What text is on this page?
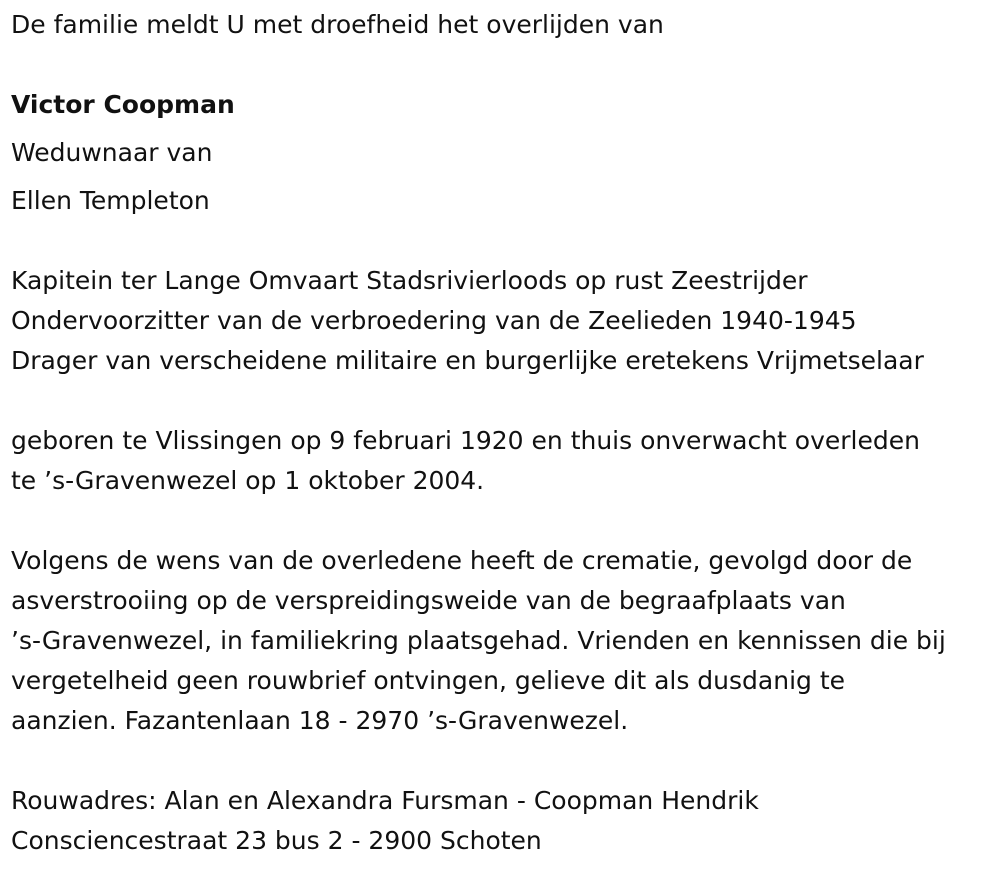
De familie meldt U met droefheid het overlijden van
Victor Coopman
Weduwnaar van
Ellen Templeton
Kapitein ter Lange Omvaart Stadsrivierloods op rust Zeestrijder
Ondervoorzitter van de verbroedering van de Zeelieden 1940-1945
Drager van verscheidene militaire en burgerlijke eretekens Vrijmetselaar
geboren te Vlissingen op 9 februari 1920 en thuis onverwacht overleden
te ’s-Gravenwezel op 1 oktober 2004.
Volgens de wens van de overledene heeft de crematie, gevolgd door de
asverstrooiing op de verspreidingsweide van de begraafplaats van
’s-Gravenwezel, in familiekring plaatsgehad. Vrienden en kennissen die bij
vergetelheid geen rouwbrief ontvingen, gelieve dit als dusdanig te
aanzien. Fazantenlaan 18 - 2970 ’s-Gravenwezel.
Rouwadres: Alan en Alexandra Fursman - Coopman Hendrik
Consciencestraat 23 bus 2 - 2900 Schoten
